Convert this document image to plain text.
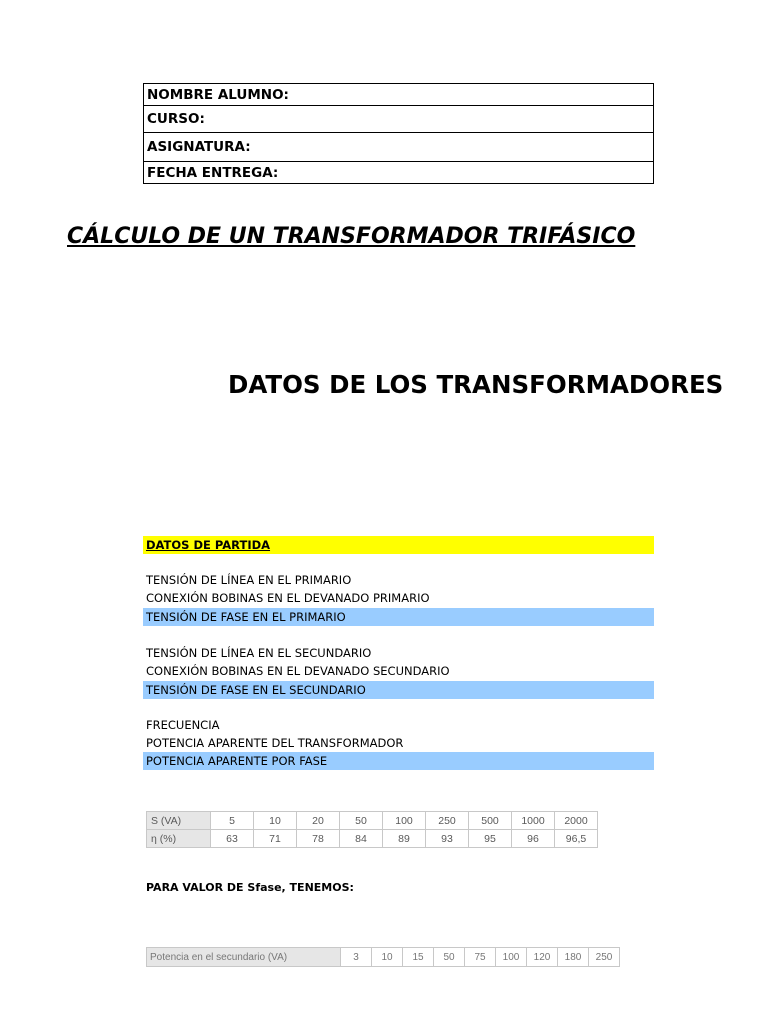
NOMBRE ALUMNO:
CURSO:
ASIGNATURA:
FECHA ENTREGA:
CÁLCULO DE UN TRANSFORMADOR TRIFÁSICO
DATOS DE LOS TRANSFORMADORES
DATOS DE PARTIDA
TENSIÓN DE LÍNEA EN EL PRIMARIO
CONEXIÓN BOBINAS EN EL DEVANADO PRIMARIO
TENSIÓN DE FASE EN EL PRIMARIO
TENSIÓN DE LÍNEA EN EL SECUNDARIO
CONEXIÓN BOBINAS EN EL DEVANADO SECUNDARIO
TENSIÓN DE FASE EN EL SECUNDARIO
FRECUENCIA
POTENCIA APARENTE DEL TRANSFORMADOR
POTENCIA APARENTE POR FASE
S (VA)	5	10	20	50	100	250	500	1000	2000
η (%)	63	71	78	84	89	93	95	96	96,5
PARA VALOR DE Sfase, TENEMOS:
Potencia en el secundario (VA)	3	10	15	50	75	100	120	180	250
